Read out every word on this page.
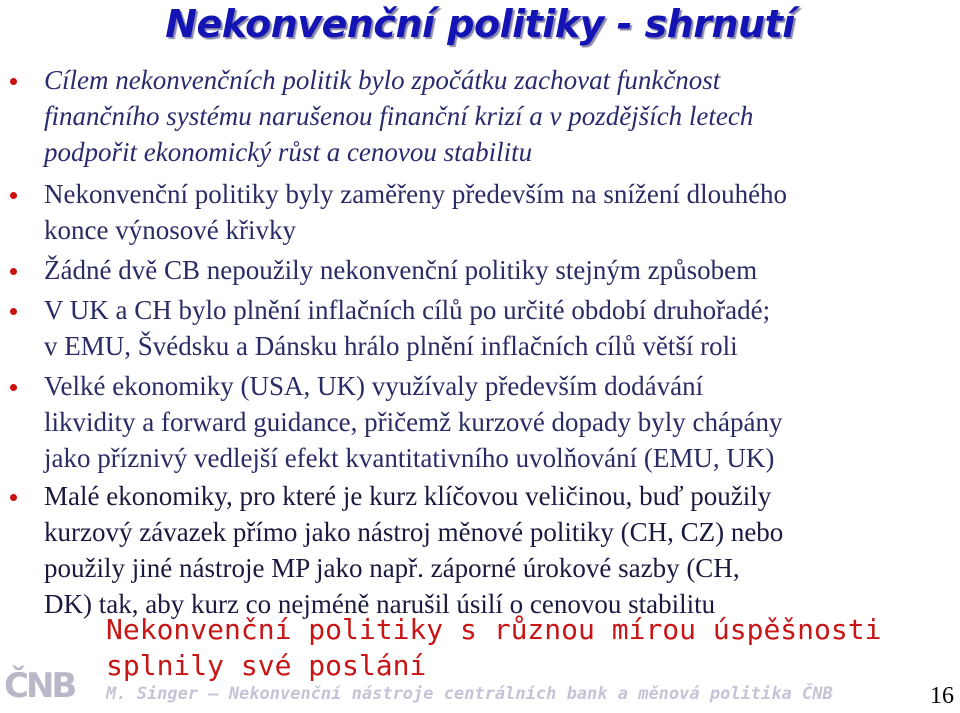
Nekonvenční politiky - shrnutí
Cílem nekonvenčních politik bylo zpočátku zachovat funkčnost
finančního systému narušenou finanční krizí a v pozdějších letech
podpořit ekonomický růst a cenovou stabilitu
Nekonvenční politiky byly zaměřeny především na snížení dlouhého
konce výnosové křivky
Žádné dvě CB nepoužily nekonvenční politiky stejným způsobem
V UK a CH bylo plnění inflačních cílů po určité období druhořadé;
v EMU, Švédsku a Dánsku hrálo plnění inflačních cílů větší roli
Velké ekonomiky (USA, UK) využívaly především dodávání
likvidity a forward guidance, přičemž kurzové dopady byly chápány
jako příznivý vedlejší efekt kvantitativního uvolňování (EMU, UK)
Malé ekonomiky, pro které je kurz klíčovou veličinou, buď použily
kurzový závazek přímo jako nástroj měnové politiky (CH, CZ) nebo
použily jiné nástroje MP jako např. záporné úrokové sazby (CH,
DK) tak, aby kurz co nejméně narušil úsilí o cenovou stabilitu
Nekonvenční politiky s různou mírou úspěšnosti
splnily své poslání
ČNB	M. Singer – Nekonvenční nástroje centrálních bank a měnová politika ČNB	16
